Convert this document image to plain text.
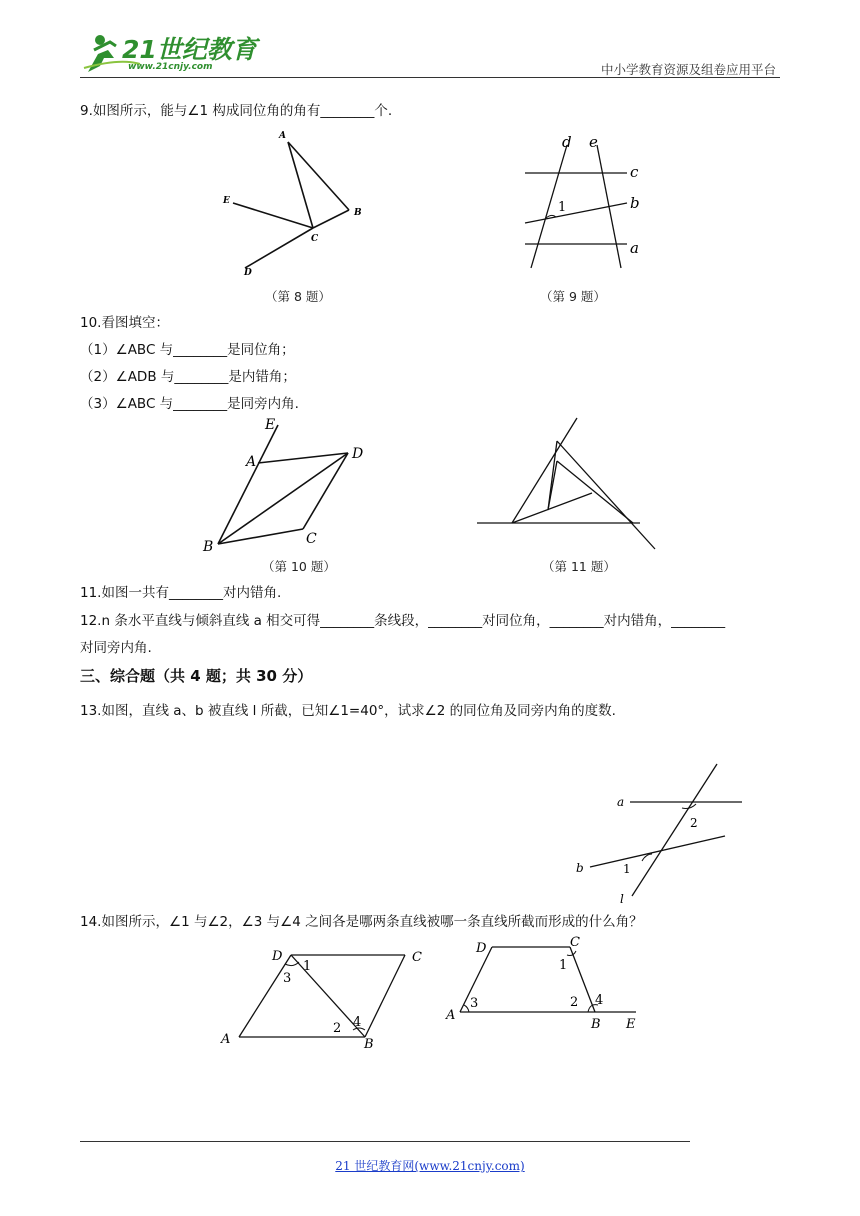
21世纪教育
www.21cnjy.com	中小学教育资源及组卷应用平台
9.如图所示，能与∠1 构成同位角的角有________个.
A
B
C
D
E
（第 8 题）
d e
c
b
a
1
（第 9 题）
10.看图填空：
（1）∠ABC 与________是同位角；
（2）∠ADB 与________是内错角；
（3）∠ABC 与________是同旁内角.
E
A	D
B	C
（第 10 题）	（第 11 题）
11.如图一共有________对内错角.
12.n 条水平直线与倾斜直线 a 相交可得________条线段，________对同位角，________对内错角，________
对同旁内角.
三、综合题（共 4 题；共 30 分）
13.如图，直线 a、b 被直线 l 所截，已知∠1=40°，试求∠2 的同位角及同旁内角的度数.
a
b
l
1
2
14.如图所示，∠1 与∠2，∠3 与∠4 之间各是哪两条直线被哪一条直线所截而形成的什么角？
D	C
A	B
1
3
2 4
D	C
A
B E
1
3	2 4
21 世纪教育网(www.21cnjy.com)
